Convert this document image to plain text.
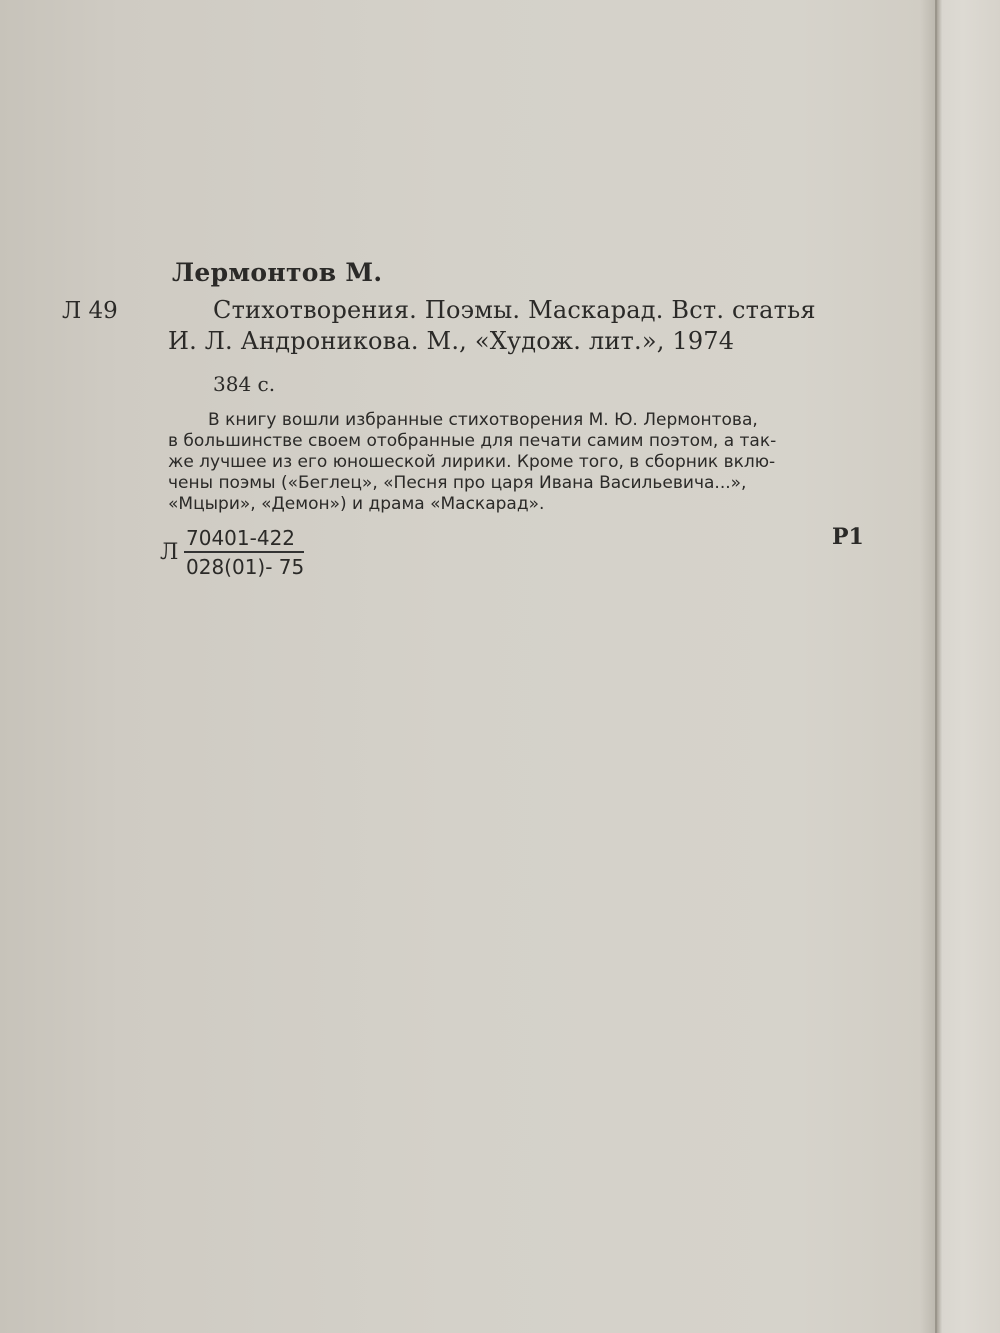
Лермонтов М.
Л 49	Стихотворения. Поэмы. Маскарад. Вст. статья
И. Л. Андроникова. М., «Худож. лит.», 1974
384 с.
В книгу вошли избранные стихотворения М. Ю. Лермонтова,
в большинстве своем отобранные для печати самим поэтом, а так-
же лучшее из его юношеской лирики. Кроме того, в сборник вклю-
чены поэмы («Беглец», «Песня про царя Ивана Васильевича...»,
«Мцыри», «Демон») и драма «Маскарад».
Л
70401-422
028(01)- 75
Р1
